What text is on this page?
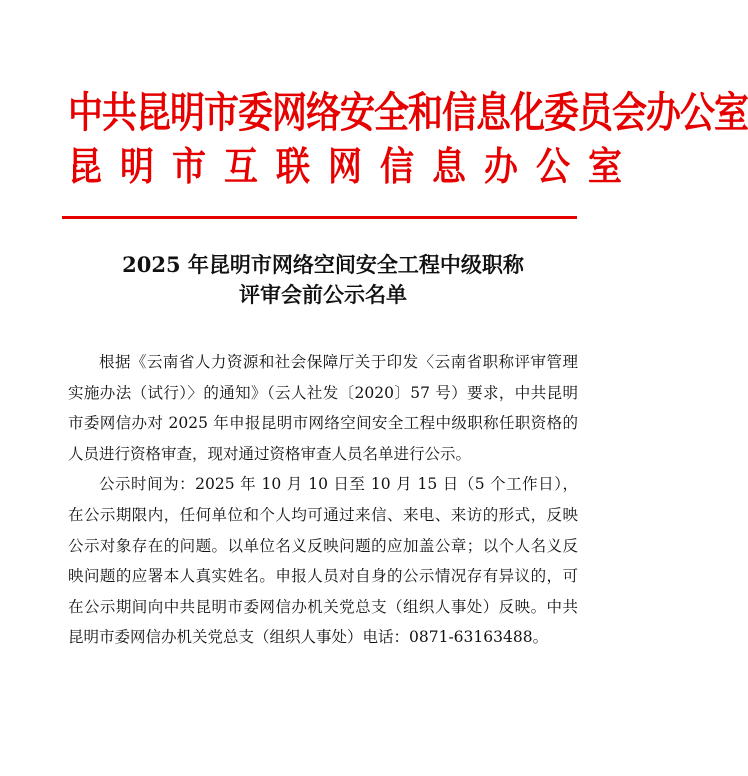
中共昆明市委网络安全和信息化委员会办公室
昆明市互联网信息办公室
2025 年昆明市网络空间安全工程中级职称
评审会前公示名单

根据《云南省人力资源和社会保障厅关于印发〈云南省职称评审管理实施办法（试行）〉的通知》（云人社发〔2020〕57 号）要求，中共昆明市委网信办对 2025 年申报昆明市网络空间安全工程中级职称任职资格的人员进行资格审查，现对通过资格审查人员名单进行公示。

公示时间为：2025 年 10 月 10 日至 10 月 15 日（5 个工作日），在公示期限内，任何单位和个人均可通过来信、来电、来访的形式，反映公示对象存在的问题。以单位名义反映问题的应加盖公章；以个人名义反映问题的应署本人真实姓名。申报人员对自身的公示情况存有异议的，可在公示期间向中共昆明市委网信办机关党总支（组织人事处）反映。中共昆明市委网信办机关党总支（组织人事处）电话：0871-63163488。
